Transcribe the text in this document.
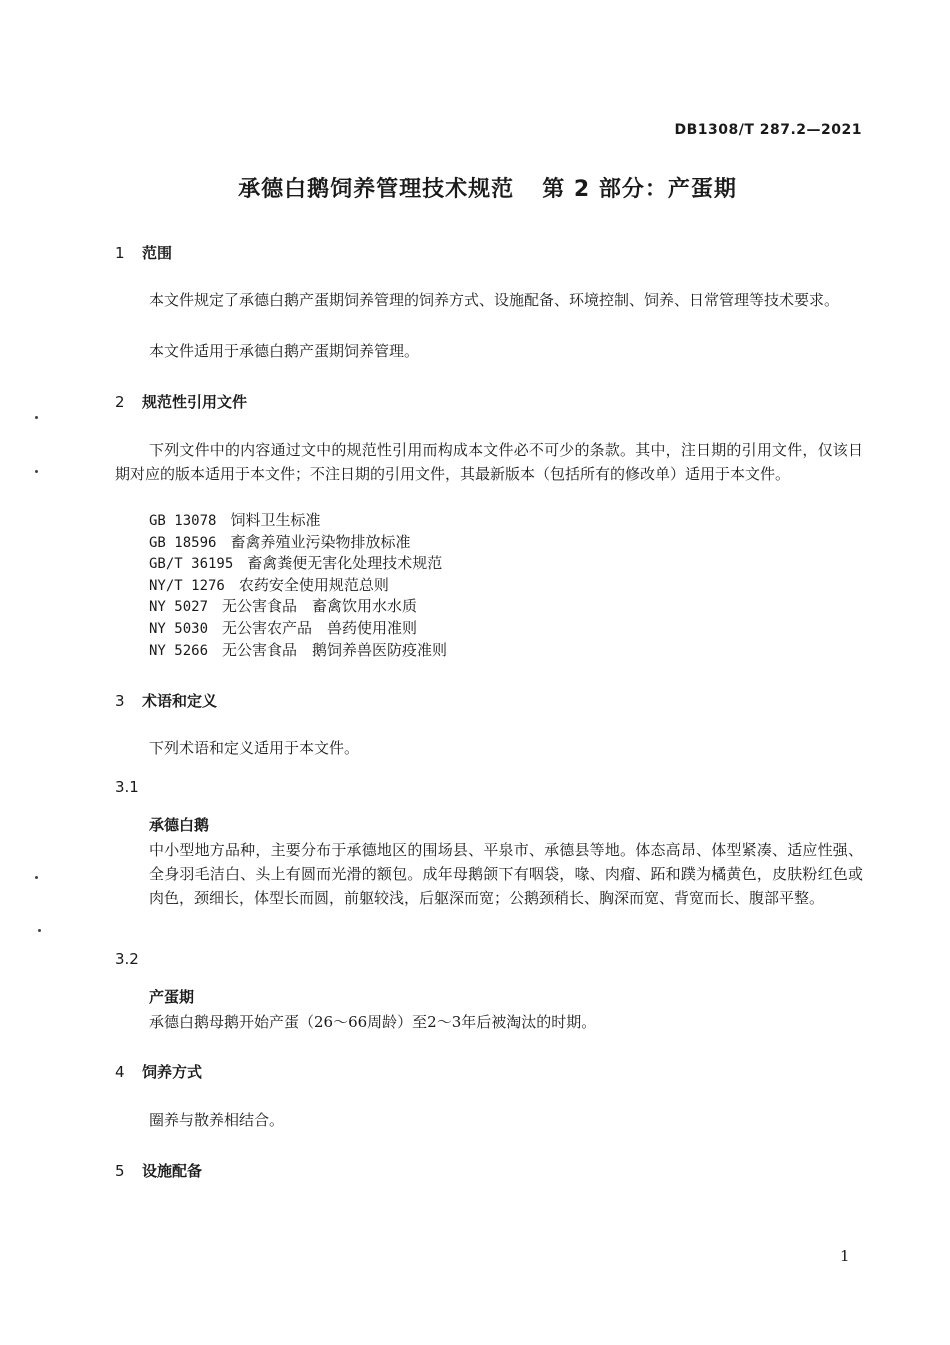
DB1308/T 287.2—2021
承德白鹅饲养管理技术规范 第 2 部分：产蛋期
1 范围
本文件规定了承德白鹅产蛋期饲养管理的饲养方式、设施配备、环境控制、饲养、日常管理等技术要求。
本文件适用于承德白鹅产蛋期饲养管理。
2 规范性引用文件
下列文件中的内容通过文中的规范性引用而构成本文件必不可少的条款。其中，注日期的引用文件，仅该日期对应的版本适用于本文件；不注日期的引用文件，其最新版本（包括所有的修改单）适用于本文件。
GB 13078 饲料卫生标准
GB 18596 畜禽养殖业污染物排放标准
GB/T 36195 畜禽粪便无害化处理技术规范
NY/T 1276 农药安全使用规范总则
NY 5027 无公害食品　畜禽饮用水水质
NY 5030 无公害农产品　兽药使用准则
NY 5266 无公害食品　鹅饲养兽医防疫准则
3 术语和定义
下列术语和定义适用于本文件。
3.1
承德白鹅
中小型地方品种，主要分布于承德地区的围场县、平泉市、承德县等地。体态高昂、体型紧凑、适应性强、全身羽毛洁白、头上有圆而光滑的额包。成年母鹅颌下有咽袋，喙、肉瘤、跖和蹼为橘黄色，皮肤粉红色或肉色，颈细长，体型长而圆，前躯较浅，后躯深而宽；公鹅颈稍长、胸深而宽、背宽而长、腹部平整。
3.2
产蛋期
承德白鹅母鹅开始产蛋（26～66周龄）至2～3年后被淘汰的时期。
4 饲养方式
圈养与散养相结合。
5 设施配备
1
